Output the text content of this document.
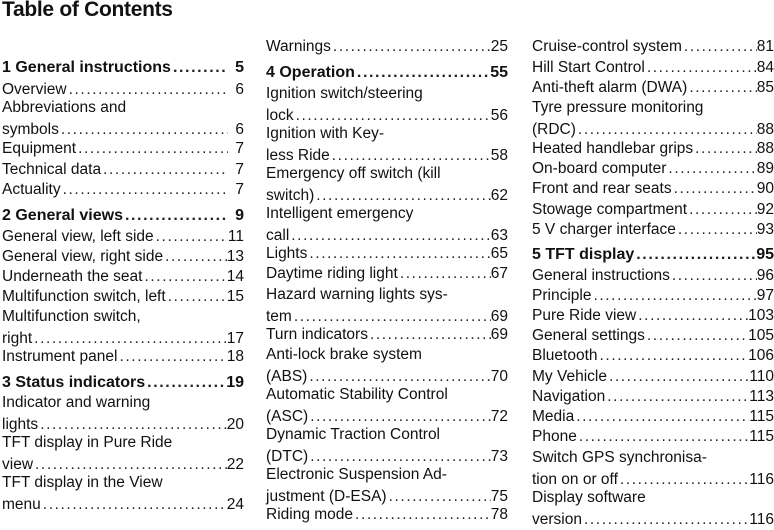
Table of Contents
1 General instructions .....	5
Overview .....	6
Abbreviations and
symbols .....	6
Equipment .....	7
Technical data .....	7
Actuality .....	7
2 General views .....	9
General view, left side .....	11
General view, right side .....	13
Underneath the seat .....	14
Multifunction switch, left .....	15
Multifunction switch,
right .....	17
Instrument panel .....	18
3 Status indicators .....	19
Indicator and warning
lights .....	20
TFT display in Pure Ride
view .....	22
TFT display in the View
menu .....	24
Warnings .....	25
4 Operation .....	55
Ignition switch/steering
lock .....	56
Ignition with Key-
less Ride .....	58
Emergency off switch (kill
switch) .....	62
Intelligent emergency
call .....	63
Lights .....	65
Daytime riding light .....	67
Hazard warning lights sys-
tem .....	69
Turn indicators .....	69
Anti-lock brake system
(ABS) .....	70
Automatic Stability Control
(ASC) .....	72
Dynamic Traction Control
(DTC) .....	73
Electronic Suspension Ad-
justment (D-ESA) .....	75
Riding mode .....	78
Cruise-control system .....	81
Hill Start Control .....	84
Anti-theft alarm (DWA) .....	85
Tyre pressure monitoring
(RDC) .....	88
Heated handlebar grips .....	88
On-board computer .....	89
Front and rear seats .....	90
Stowage compartment .....	92
5 V charger interface .....	93
5 TFT display .....	95
General instructions .....	96
Principle .....	97
Pure Ride view .....	103
General settings .....	105
Bluetooth .....	106
My Vehicle .....	110
Navigation .....	113
Media .....	115
Phone .....	115
Switch GPS synchronisa-
tion on or off .....	116
Display software
version .....	116
